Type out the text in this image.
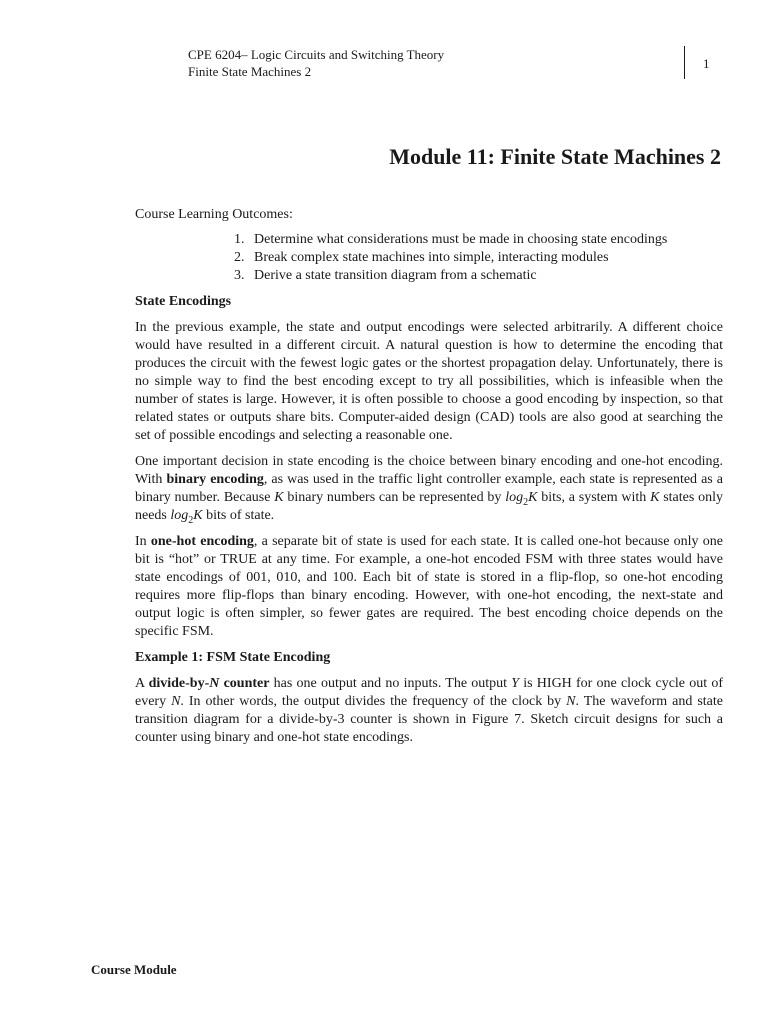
CPE 6204– Logic Circuits and Switching Theory
Finite State Machines 2
1
Module 11: Finite State Machines 2

Course Learning Outcomes:

1. Determine what considerations must be made in choosing state encodings
2. Break complex state machines into simple, interacting modules
3. Derive a state transition diagram from a schematic
State Encodings

In the previous example, the state and output encodings were selected arbitrarily. A different choice would have resulted in a different circuit. A natural question is how to determine the encoding that produces the circuit with the fewest logic gates or the shortest propagation delay. Unfortunately, there is no simple way to find the best encoding except to try all possibilities, which is infeasible when the number of states is large. However, it is often possible to choose a good encoding by inspection, so that related states or outputs share bits. Computer-aided design (CAD) tools are also good at searching the set of possible encodings and selecting a reasonable one.

One important decision in state encoding is the choice between binary encoding and one-hot encoding. With binary encoding, as was used in the traffic light controller example, each state is represented as a binary number. Because K binary numbers can be represented by $\log_2K$ bits, a system with K states only needs $\log_2K$ bits of state.

In one-hot encoding, a separate bit of state is used for each state. It is called one-hot because only one bit is “hot” or TRUE at any time. For example, a one-hot encoded FSM with three states would have state encodings of 001, 010, and 100. Each bit of state is stored in a flip-flop, so one-hot encoding requires more flip-flops than binary encoding. However, with one-hot encoding, the next-state and output logic is often simpler, so fewer gates are required. The best encoding choice depends on the specific FSM.

Example 1: FSM State Encoding

A divide-by-N counter has one output and no inputs. The output Y is HIGH for one clock cycle out of every N. In other words, the output divides the frequency of the clock by N. The waveform and state transition diagram for a divide-by-3 counter is shown in Figure 7. Sketch circuit designs for such a counter using binary and one-hot state encodings.

Course Module
